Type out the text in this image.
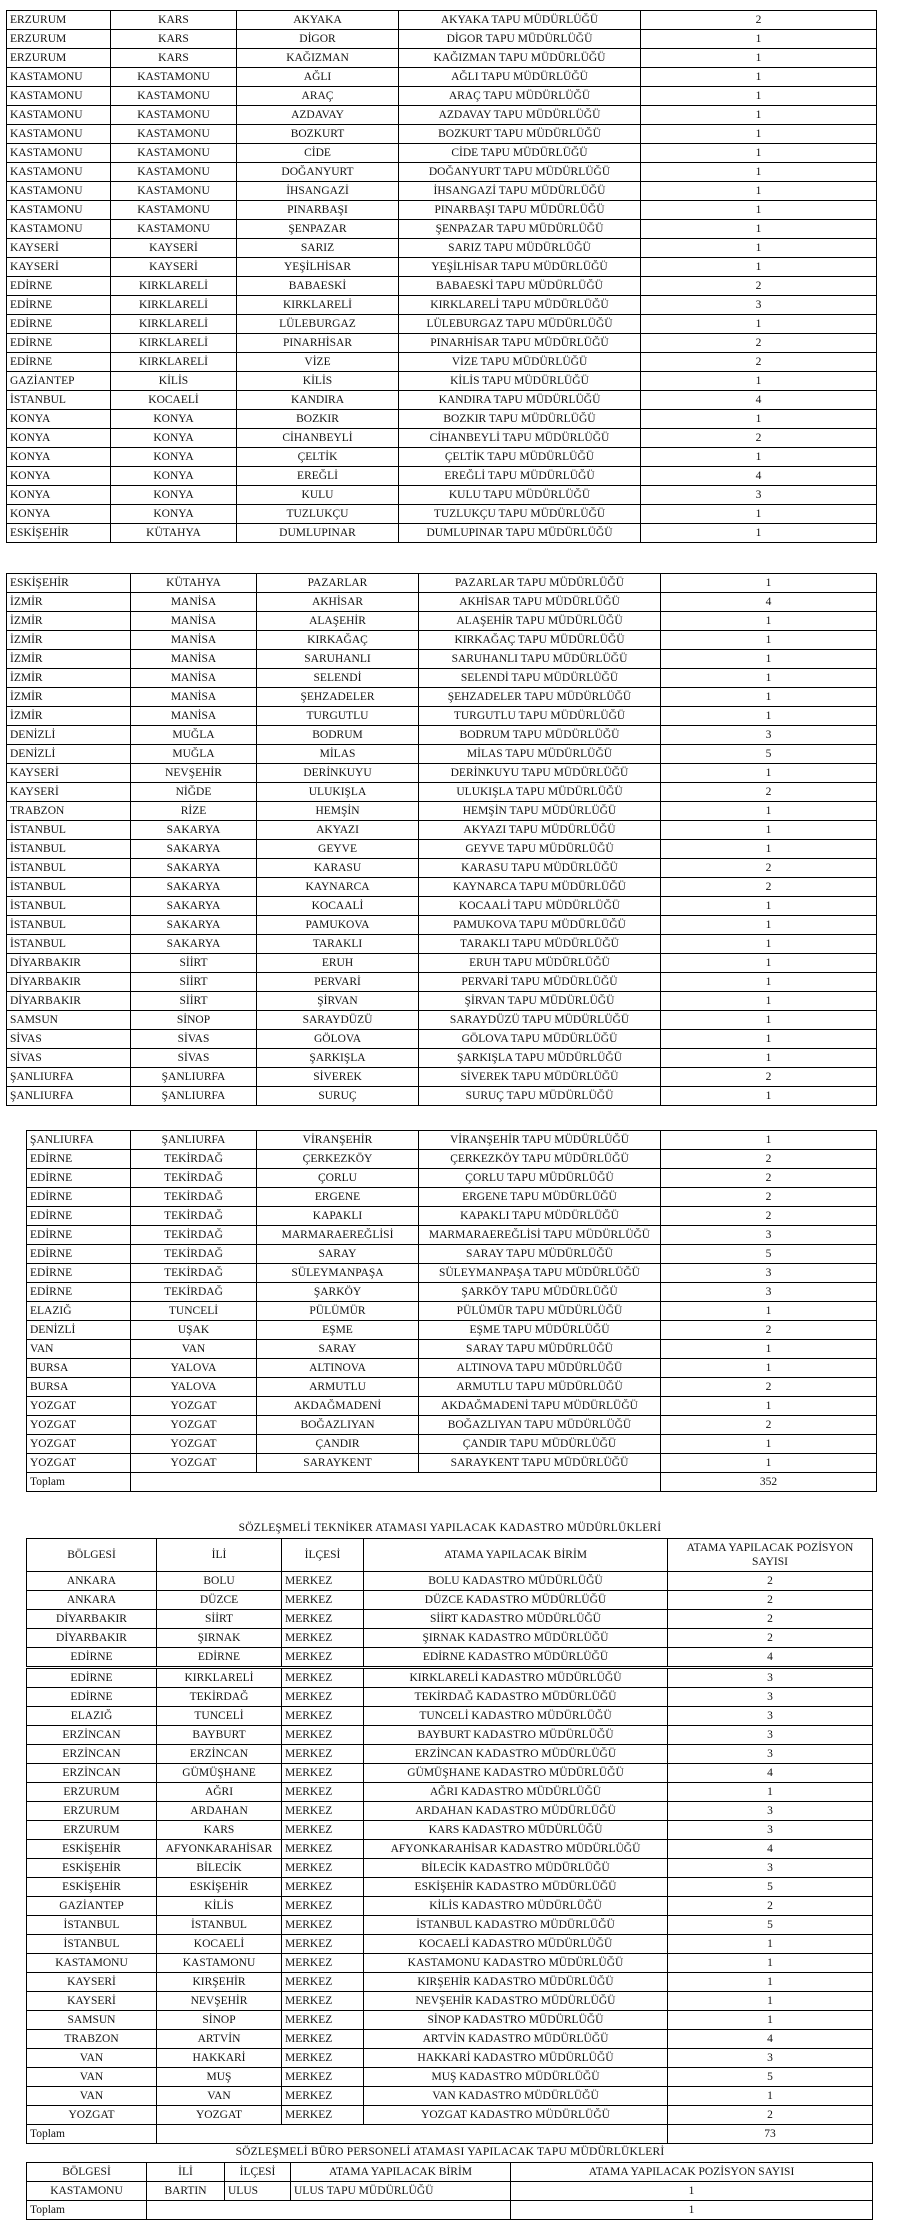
ERZURUM	KARS	AKYAKA	AKYAKA TAPU MÜDÜRLÜĞÜ	2
ERZURUM	KARS	DİGOR	DİGOR TAPU MÜDÜRLÜĞÜ	1
ERZURUM	KARS	KAĞIZMAN	KAĞIZMAN TAPU MÜDÜRLÜĞÜ	1
KASTAMONU	KASTAMONU	AĞLI	AĞLI TAPU MÜDÜRLÜĞÜ	1
KASTAMONU	KASTAMONU	ARAÇ	ARAÇ TAPU MÜDÜRLÜĞÜ	1
KASTAMONU	KASTAMONU	AZDAVAY	AZDAVAY TAPU MÜDÜRLÜĞÜ	1
KASTAMONU	KASTAMONU	BOZKURT	BOZKURT TAPU MÜDÜRLÜĞÜ	1
KASTAMONU	KASTAMONU	CİDE	CİDE TAPU MÜDÜRLÜĞÜ	1
KASTAMONU	KASTAMONU	DOĞANYURT	DOĞANYURT TAPU MÜDÜRLÜĞÜ	1
KASTAMONU	KASTAMONU	İHSANGAZİ	İHSANGAZİ TAPU MÜDÜRLÜĞÜ	1
KASTAMONU	KASTAMONU	PINARBAŞI	PINARBAŞI TAPU MÜDÜRLÜĞÜ	1
KASTAMONU	KASTAMONU	ŞENPAZAR	ŞENPAZAR TAPU MÜDÜRLÜĞÜ	1
KAYSERİ	KAYSERİ	SARIZ	SARIZ TAPU MÜDÜRLÜĞÜ	1
KAYSERİ	KAYSERİ	YEŞİLHİSAR	YEŞİLHİSAR TAPU MÜDÜRLÜĞÜ	1
EDİRNE	KIRKLARELİ	BABAESKİ	BABAESKİ TAPU MÜDÜRLÜĞÜ	2
EDİRNE	KIRKLARELİ	KIRKLARELİ	KIRKLARELİ TAPU MÜDÜRLÜĞÜ	3
EDİRNE	KIRKLARELİ	LÜLEBURGAZ	LÜLEBURGAZ TAPU MÜDÜRLÜĞÜ	1
EDİRNE	KIRKLARELİ	PINARHİSAR	PINARHİSAR TAPU MÜDÜRLÜĞÜ	2
EDİRNE	KIRKLARELİ	VİZE	VİZE TAPU MÜDÜRLÜĞÜ	2
GAZİANTEP	KİLİS	KİLİS	KİLİS TAPU MÜDÜRLÜĞÜ	1
İSTANBUL	KOCAELİ	KANDIRA	KANDIRA TAPU MÜDÜRLÜĞÜ	4
KONYA	KONYA	BOZKIR	BOZKIR TAPU MÜDÜRLÜĞÜ	1
KONYA	KONYA	CİHANBEYLİ	CİHANBEYLİ TAPU MÜDÜRLÜĞÜ	2
KONYA	KONYA	ÇELTİK	ÇELTİK TAPU MÜDÜRLÜĞÜ	1
KONYA	KONYA	EREĞLİ	EREĞLİ TAPU MÜDÜRLÜĞÜ	4
KONYA	KONYA	KULU	KULU TAPU MÜDÜRLÜĞÜ	3
KONYA	KONYA	TUZLUKÇU	TUZLUKÇU TAPU MÜDÜRLÜĞÜ	1
ESKİŞEHİR	KÜTAHYA	DUMLUPINAR	DUMLUPINAR TAPU MÜDÜRLÜĞÜ	1
ESKİŞEHİR	KÜTAHYA	PAZARLAR	PAZARLAR TAPU MÜDÜRLÜĞÜ	1
İZMİR	MANİSA	AKHİSAR	AKHİSAR TAPU MÜDÜRLÜĞÜ	4
İZMİR	MANİSA	ALAŞEHİR	ALAŞEHİR TAPU MÜDÜRLÜĞÜ	1
İZMİR	MANİSA	KIRKAĞAÇ	KIRKAĞAÇ TAPU MÜDÜRLÜĞÜ	1
İZMİR	MANİSA	SARUHANLI	SARUHANLI TAPU MÜDÜRLÜĞÜ	1
İZMİR	MANİSA	SELENDİ	SELENDİ TAPU MÜDÜRLÜĞÜ	1
İZMİR	MANİSA	ŞEHZADELER	ŞEHZADELER TAPU MÜDÜRLÜĞÜ	1
İZMİR	MANİSA	TURGUTLU	TURGUTLU TAPU MÜDÜRLÜĞÜ	1
DENİZLİ	MUĞLA	BODRUM	BODRUM TAPU MÜDÜRLÜĞÜ	3
DENİZLİ	MUĞLA	MİLAS	MİLAS TAPU MÜDÜRLÜĞÜ	5
KAYSERİ	NEVŞEHİR	DERİNKUYU	DERİNKUYU TAPU MÜDÜRLÜĞÜ	1
KAYSERİ	NİĞDE	ULUKIŞLA	ULUKIŞLA TAPU MÜDÜRLÜĞÜ	2
TRABZON	RİZE	HEMŞİN	HEMŞİN TAPU MÜDÜRLÜĞÜ	1
İSTANBUL	SAKARYA	AKYAZI	AKYAZI TAPU MÜDÜRLÜĞÜ	1
İSTANBUL	SAKARYA	GEYVE	GEYVE TAPU MÜDÜRLÜĞÜ	1
İSTANBUL	SAKARYA	KARASU	KARASU TAPU MÜDÜRLÜĞÜ	2
İSTANBUL	SAKARYA	KAYNARCA	KAYNARCA TAPU MÜDÜRLÜĞÜ	2
İSTANBUL	SAKARYA	KOCAALİ	KOCAALİ TAPU MÜDÜRLÜĞÜ	1
İSTANBUL	SAKARYA	PAMUKOVA	PAMUKOVA TAPU MÜDÜRLÜĞÜ	1
İSTANBUL	SAKARYA	TARAKLI	TARAKLI TAPU MÜDÜRLÜĞÜ	1
DİYARBAKIR	SİİRT	ERUH	ERUH TAPU MÜDÜRLÜĞÜ	1
DİYARBAKIR	SİİRT	PERVARİ	PERVARİ TAPU MÜDÜRLÜĞÜ	1
DİYARBAKIR	SİİRT	ŞİRVAN	ŞİRVAN TAPU MÜDÜRLÜĞÜ	1
SAMSUN	SİNOP	SARAYDÜZÜ	SARAYDÜZÜ TAPU MÜDÜRLÜĞÜ	1
SİVAS	SİVAS	GÖLOVA	GÖLOVA TAPU MÜDÜRLÜĞÜ	1
SİVAS	SİVAS	ŞARKIŞLA	ŞARKIŞLA TAPU MÜDÜRLÜĞÜ	1
ŞANLIURFA	ŞANLIURFA	SİVEREK	SİVEREK TAPU MÜDÜRLÜĞÜ	2
ŞANLIURFA	ŞANLIURFA	SURUÇ	SURUÇ TAPU MÜDÜRLÜĞÜ	1
ŞANLIURFA	ŞANLIURFA	VİRANŞEHİR	VİRANŞEHİR TAPU MÜDÜRLÜĞÜ	1
EDİRNE	TEKİRDAĞ	ÇERKEZKÖY	ÇERKEZKÖY TAPU MÜDÜRLÜĞÜ	2
EDİRNE	TEKİRDAĞ	ÇORLU	ÇORLU TAPU MÜDÜRLÜĞÜ	2
EDİRNE	TEKİRDAĞ	ERGENE	ERGENE TAPU MÜDÜRLÜĞÜ	2
EDİRNE	TEKİRDAĞ	KAPAKLI	KAPAKLI TAPU MÜDÜRLÜĞÜ	2
EDİRNE	TEKİRDAĞ	MARMARAEREĞLİSİ	MARMARAEREĞLİSİ TAPU MÜDÜRLÜĞÜ	3
EDİRNE	TEKİRDAĞ	SARAY	SARAY TAPU MÜDÜRLÜĞÜ	5
EDİRNE	TEKİRDAĞ	SÜLEYMANPAŞA	SÜLEYMANPAŞA TAPU MÜDÜRLÜĞÜ	3
EDİRNE	TEKİRDAĞ	ŞARKÖY	ŞARKÖY TAPU MÜDÜRLÜĞÜ	3
ELAZIĞ	TUNCELİ	PÜLÜMÜR	PÜLÜMÜR TAPU MÜDÜRLÜĞÜ	1
DENİZLİ	UŞAK	EŞME	EŞME TAPU MÜDÜRLÜĞÜ	2
VAN	VAN	SARAY	SARAY TAPU MÜDÜRLÜĞÜ	1
BURSA	YALOVA	ALTINOVA	ALTINOVA TAPU MÜDÜRLÜĞÜ	1
BURSA	YALOVA	ARMUTLU	ARMUTLU TAPU MÜDÜRLÜĞÜ	2
YOZGAT	YOZGAT	AKDAĞMADENİ	AKDAĞMADENİ TAPU MÜDÜRLÜĞÜ	1
YOZGAT	YOZGAT	BOĞAZLIYAN	BOĞAZLIYAN TAPU MÜDÜRLÜĞÜ	2
YOZGAT	YOZGAT	ÇANDIR	ÇANDIR TAPU MÜDÜRLÜĞÜ	1
YOZGAT	YOZGAT	SARAYKENT	SARAYKENT TAPU MÜDÜRLÜĞÜ	1
Toplam				352
SÖZLEŞMELİ TEKNİKER ATAMASI YAPILACAK KADASTRO MÜDÜRLÜKLERİ
BÖLGESİ	İLİ	İLÇESİ	ATAMA YAPILACAK BİRİM	ATAMA YAPILACAK POZİSYON SAYISI
ANKARA	BOLU	MERKEZ	BOLU KADASTRO MÜDÜRLÜĞÜ	2
ANKARA	DÜZCE	MERKEZ	DÜZCE KADASTRO MÜDÜRLÜĞÜ	2
DİYARBAKIR	SİİRT	MERKEZ	SİİRT KADASTRO MÜDÜRLÜĞÜ	2
DİYARBAKIR	ŞIRNAK	MERKEZ	ŞIRNAK KADASTRO MÜDÜRLÜĞÜ	2
EDİRNE	EDİRNE	MERKEZ	EDİRNE KADASTRO MÜDÜRLÜĞÜ	4
EDİRNE	KIRKLARELİ	MERKEZ	KIRKLARELİ KADASTRO MÜDÜRLÜĞÜ	3
EDİRNE	TEKİRDAĞ	MERKEZ	TEKİRDAĞ KADASTRO MÜDÜRLÜĞÜ	3
ELAZIĞ	TUNCELİ	MERKEZ	TUNCELİ KADASTRO MÜDÜRLÜĞÜ	3
ERZİNCAN	BAYBURT	MERKEZ	BAYBURT KADASTRO MÜDÜRLÜĞÜ	3
ERZİNCAN	ERZİNCAN	MERKEZ	ERZİNCAN KADASTRO MÜDÜRLÜĞÜ	3
ERZİNCAN	GÜMÜŞHANE	MERKEZ	GÜMÜŞHANE KADASTRO MÜDÜRLÜĞÜ	4
ERZURUM	AĞRI	MERKEZ	AĞRI KADASTRO MÜDÜRLÜĞÜ	1
ERZURUM	ARDAHAN	MERKEZ	ARDAHAN KADASTRO MÜDÜRLÜĞÜ	3
ERZURUM	KARS	MERKEZ	KARS KADASTRO MÜDÜRLÜĞÜ	3
ESKİŞEHİR	AFYONKARAHİSAR	MERKEZ	AFYONKARAHİSAR KADASTRO MÜDÜRLÜĞÜ	4
ESKİŞEHİR	BİLECİK	MERKEZ	BİLECİK KADASTRO MÜDÜRLÜĞÜ	3
ESKİŞEHİR	ESKİŞEHİR	MERKEZ	ESKİŞEHİR KADASTRO MÜDÜRLÜĞÜ	5
GAZİANTEP	KİLİS	MERKEZ	KİLİS KADASTRO MÜDÜRLÜĞÜ	2
İSTANBUL	İSTANBUL	MERKEZ	İSTANBUL KADASTRO MÜDÜRLÜĞÜ	5
İSTANBUL	KOCAELİ	MERKEZ	KOCAELİ KADASTRO MÜDÜRLÜĞÜ	1
KASTAMONU	KASTAMONU	MERKEZ	KASTAMONU KADASTRO MÜDÜRLÜĞÜ	1
KAYSERİ	KIRŞEHİR	MERKEZ	KIRŞEHİR KADASTRO MÜDÜRLÜĞÜ	1
KAYSERİ	NEVŞEHİR	MERKEZ	NEVŞEHİR KADASTRO MÜDÜRLÜĞÜ	1
SAMSUN	SİNOP	MERKEZ	SİNOP KADASTRO MÜDÜRLÜĞÜ	1
TRABZON	ARTVİN	MERKEZ	ARTVİN KADASTRO MÜDÜRLÜĞÜ	4
VAN	HAKKARİ	MERKEZ	HAKKARİ KADASTRO MÜDÜRLÜĞÜ	3
VAN	MUŞ	MERKEZ	MUŞ KADASTRO MÜDÜRLÜĞÜ	5
VAN	VAN	MERKEZ	VAN KADASTRO MÜDÜRLÜĞÜ	1
YOZGAT	YOZGAT	MERKEZ	YOZGAT KADASTRO MÜDÜRLÜĞÜ	2
Toplam				73
SÖZLEŞMELİ BÜRO PERSONELİ ATAMASI YAPILACAK TAPU MÜDÜRLÜKLERİ
BÖLGESİ	İLİ	İLÇESİ	ATAMA YAPILACAK BİRİM	ATAMA YAPILACAK POZİSYON SAYISI
KASTAMONU	BARTIN	ULUS	ULUS TAPU MÜDÜRLÜĞÜ	1
Toplam				1
